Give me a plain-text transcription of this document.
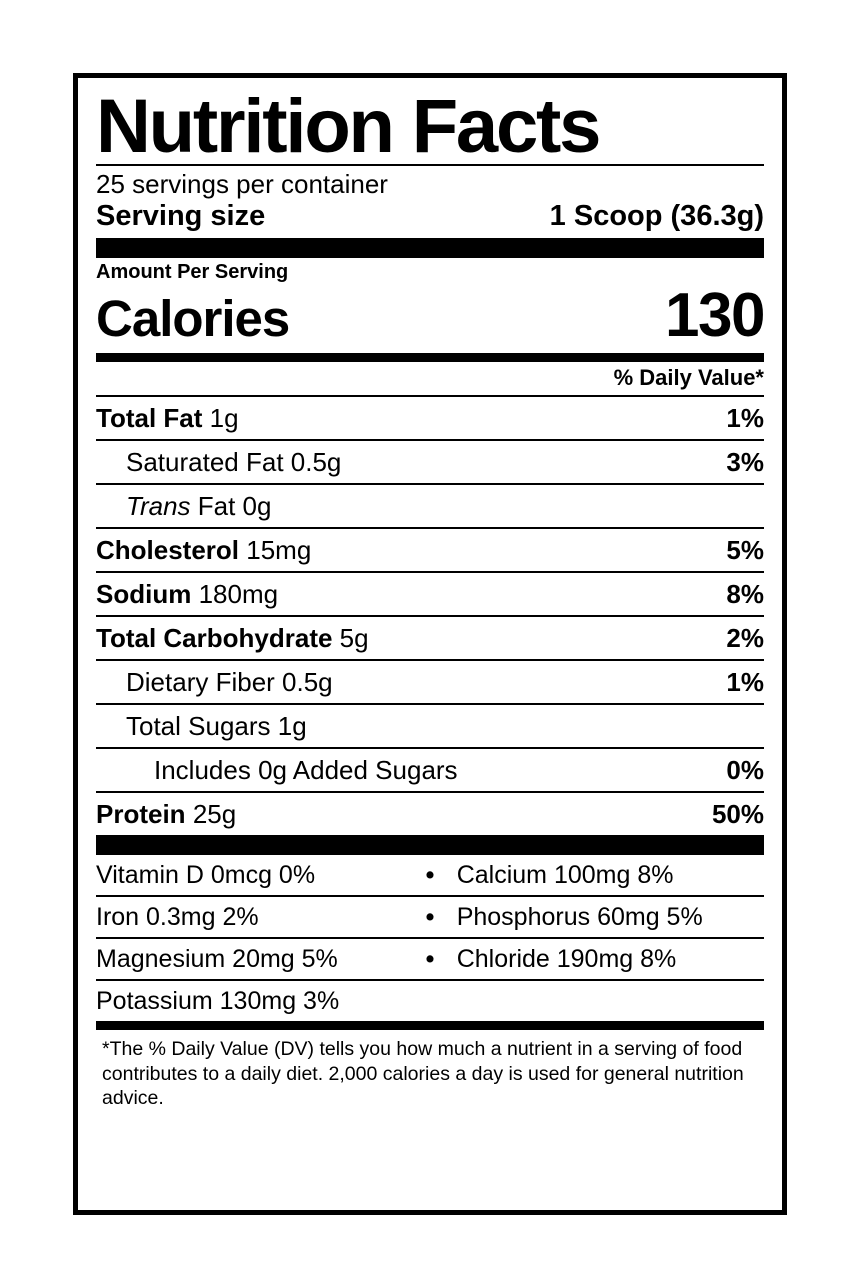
Nutrition Facts
25 servings per container
Serving size	1 Scoop (36.3g)
Amount Per Serving
Calories	130
% Daily Value*
Total Fat 1g	1%
Saturated Fat 0.5g	3%
Trans Fat 0g
Cholesterol 15mg	5%
Sodium 180mg	8%
Total Carbohydrate 5g	2%
Dietary Fiber 0.5g	1%
Total Sugars 1g
Includes 0g Added Sugars	0%
Protein 25g	50%
Vitamin D 0mcg 0%	• Calcium 100mg 8%
Iron 0.3mg 2%	• Phosphorus 60mg 5%
Magnesium 20mg 5%	• Chloride 190mg 8%
Potassium 130mg 3%
*The % Daily Value (DV) tells you how much a nutrient in a serving of food contributes to a daily diet. 2,000 calories a day is used for general nutrition advice.
